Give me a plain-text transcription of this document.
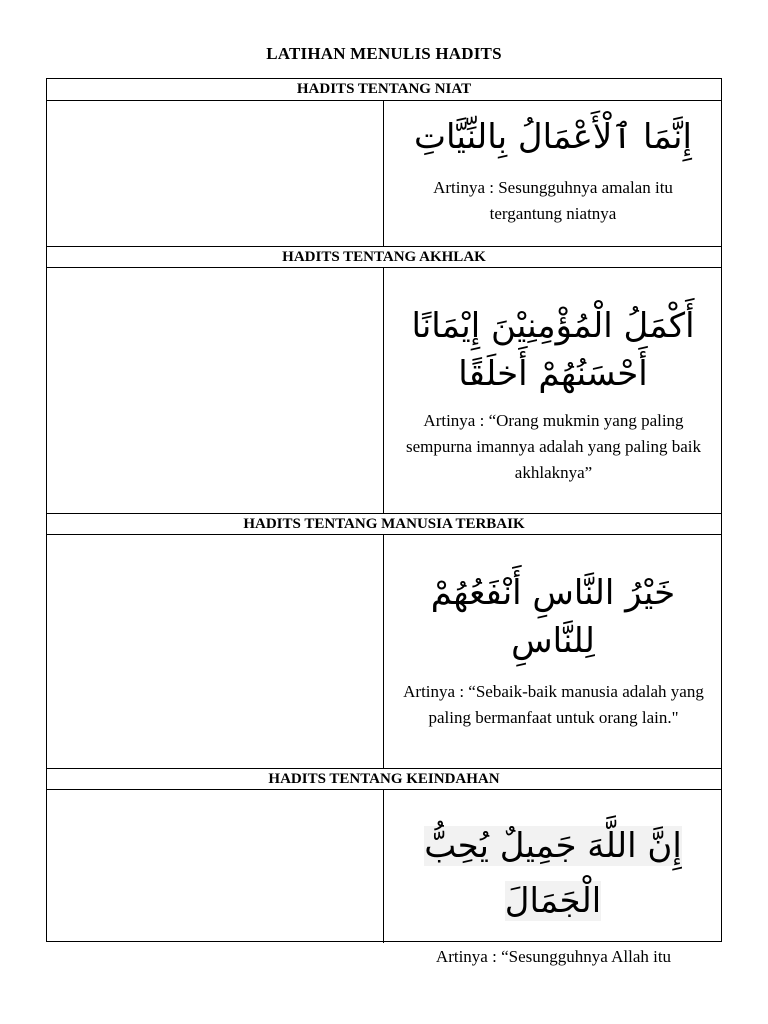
LATIHAN MENULIS HADITS
HADITS TENTANG NIAT
إِنَّمَا ٱلْأَعْمَالُ بِالنِّيَّاتِ
Artinya : Sesungguhnya amalan itu tergantung niatnya
HADITS TENTANG AKHLAK
أَكْمَلُ الْمُؤْمِنِيْنَ إِيْمَانًا
أَحْسَنُهُمْ أَخلَقًا
Artinya : “Orang mukmin yang paling sempurna imannya adalah yang paling baik akhlaknya”
HADITS TENTANG MANUSIA TERBAIK
خَيْرُ النَّاسِ أَنْفَعُهُمْ
لِلنَّاسِ
Artinya : “Sebaik-baik manusia adalah yang paling bermanfaat untuk orang lain."
HADITS TENTANG KEINDAHAN
إِنَّ اللَّهَ جَمِيلٌ يُحِبُّ
الْجَمَالَ
Artinya : “Sesungguhnya Allah itu
